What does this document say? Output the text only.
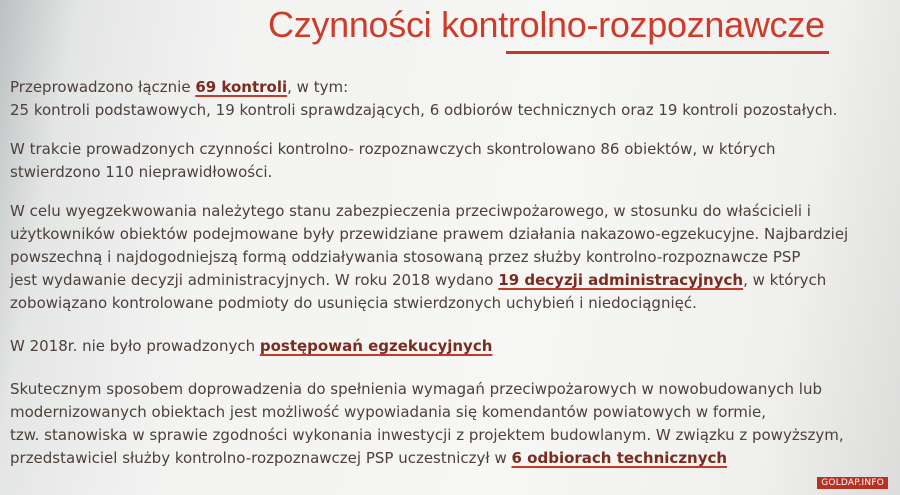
Czynności kontrolno-rozpoznawcze
Przeprowadzono łącznie 69 kontroli, w tym:
25 kontroli podstawowych, 19 kontroli sprawdzających, 6 odbiorów technicznych oraz 19 kontroli pozostałych.
W trakcie prowadzonych czynności kontrolno- rozpoznawczych skontrolowano 86 obiektów, w których
stwierdzono 110 nieprawidłowości.
W celu wyegzekwowania należytego stanu zabezpieczenia przeciwpożarowego, w stosunku do właścicieli i
użytkowników obiektów podejmowane były przewidziane prawem działania nakazowo-egzekucyjne. Najbardziej
powszechną i najdogodniejszą formą oddziaływania stosowaną przez służby kontrolno-rozpoznawcze PSP
jest wydawanie decyzji administracyjnych. W roku 2018 wydano 19 decyzji administracyjnych, w których
zobowiązano kontrolowane podmioty do usunięcia stwierdzonych uchybień i niedociągnięć.
W 2018r. nie było prowadzonych postępowań egzekucyjnych
Skutecznym sposobem doprowadzenia do spełnienia wymagań przeciwpożarowych w nowobudowanych lub
modernizowanych obiektach jest możliwość wypowiadania się komendantów powiatowych w formie,
tzw. stanowiska w sprawie zgodności wykonania inwestycji z projektem budowlanym. W związku z powyższym,
przedstawiciel służby kontrolno-rozpoznawczej PSP uczestniczył w 6 odbiorach technicznych
GOLDAP.INFO
